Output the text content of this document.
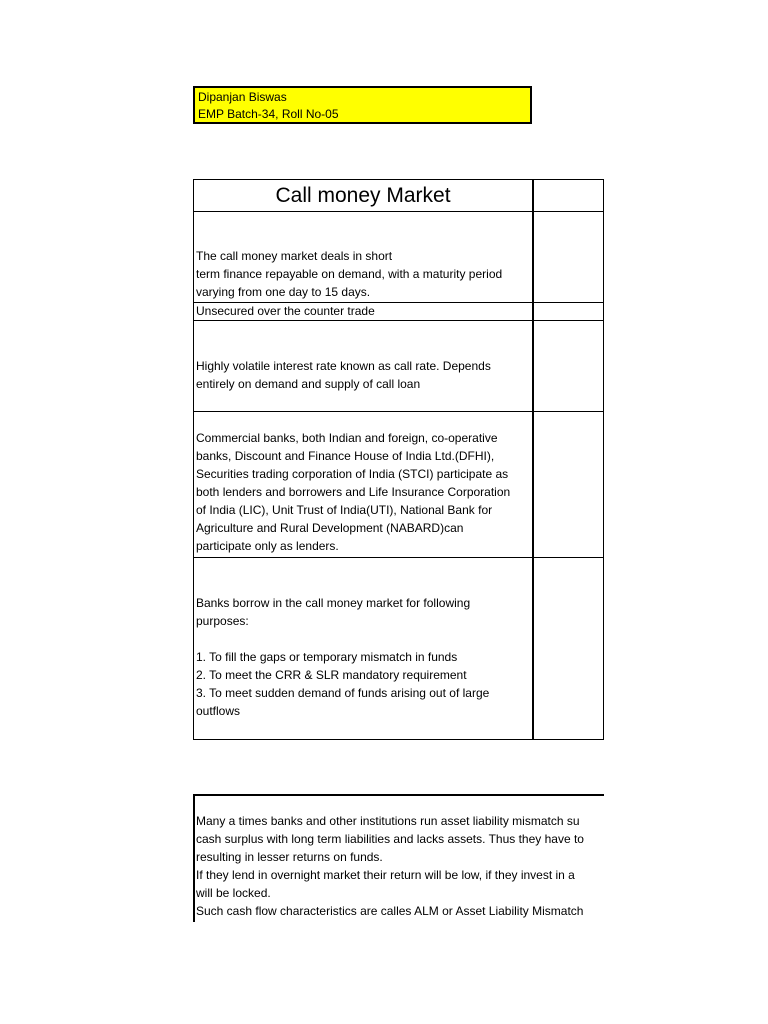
Dipanjan Biswas
EMP Batch-34, Roll No-05
Call money Market

The call money market deals in short

term finance repayable on demand, with a maturity period

varying from one day to 15 days.

Unsecured over the counter trade

Highly volatile interest rate known as call rate. Depends

entirely on demand and supply of call loan

Commercial banks, both Indian and foreign, co-operative

banks, Discount and Finance House of India Ltd.(DFHI),

Securities trading corporation of India (STCI) participate as

both lenders and borrowers and Life Insurance Corporation

of India (LIC), Unit Trust of India(UTI), National Bank for

Agriculture and Rural Development (NABARD)can

participate only as lenders.

Banks borrow in the call money market for following

purposes:

1. To fill the gaps or temporary mismatch in funds

2. To meet the CRR & SLR mandatory requirement

3. To meet sudden demand of funds arising out of large

outflows

Many a times banks and other institutions run asset liability mismatch su

cash surplus with long term liabilities and lacks assets. Thus they have to

resulting in lesser returns on funds.

If they lend in overnight market their return will be low, if they invest in a

will be locked.

Such cash flow characteristics are calles ALM or Asset Liability Mismatch
